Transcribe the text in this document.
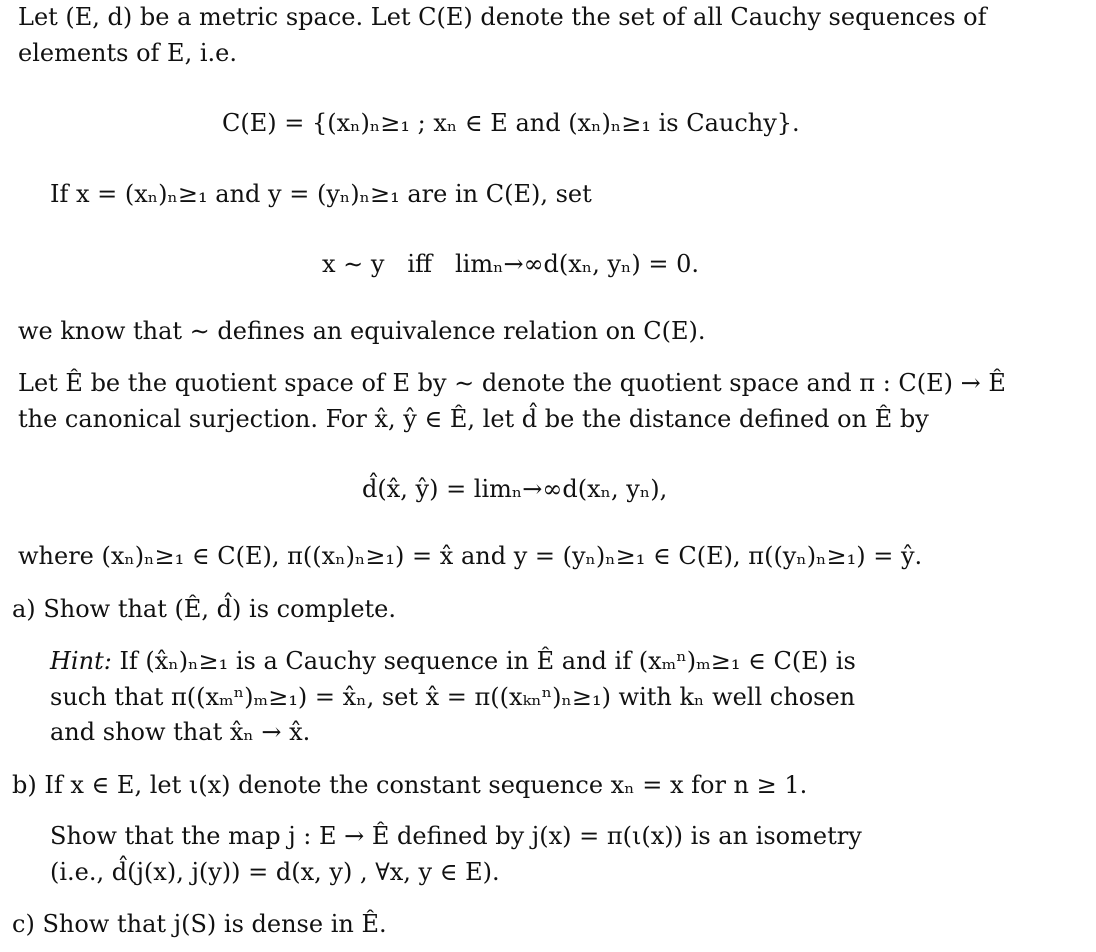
Let (E, d) be a metric space. Let C(E) denote the set of all Cauchy sequences of
elements of E, i.e.
C(E) = {(xₙ)ₙ≥₁ ; xₙ ∈ E and (xₙ)ₙ≥₁ is Cauchy}.
If x = (xₙ)ₙ≥₁ and y = (yₙ)ₙ≥₁ are in C(E), set
x ∼ y   iff   limₙ→∞d(xₙ, yₙ) = 0.
we know that ∼ defines an equivalence relation on C(E).
Let Ê be the quotient space of E by ∼ denote the quotient space and π : C(E) → Ê
the canonical surjection. For x̂, ŷ ∈ Ê, let d̂ be the distance defined on Ê by
d̂(x̂, ŷ) = limₙ→∞d(xₙ, yₙ),
where (xₙ)ₙ≥₁ ∈ C(E), π((xₙ)ₙ≥₁) = x̂ and y = (yₙ)ₙ≥₁ ∈ C(E), π((yₙ)ₙ≥₁) = ŷ.
a) Show that (Ê, d̂) is complete.
Hint: If (x̂ₙ)ₙ≥₁ is a Cauchy sequence in Ê and if (xₘⁿ)ₘ≥₁ ∈ C(E) is
such that π((xₘⁿ)ₘ≥₁) = x̂ₙ, set x̂ = π((xₖₙⁿ)ₙ≥₁) with kₙ well chosen
and show that x̂ₙ → x̂.
b) If x ∈ E, let ι(x) denote the constant sequence xₙ = x for n ≥ 1.
Show that the map j : E → Ê defined by j(x) = π(ι(x)) is an isometry
(i.e., d̂(j(x), j(y)) = d(x, y) , ∀x, y ∈ E).
c) Show that j(S) is dense in Ê.
